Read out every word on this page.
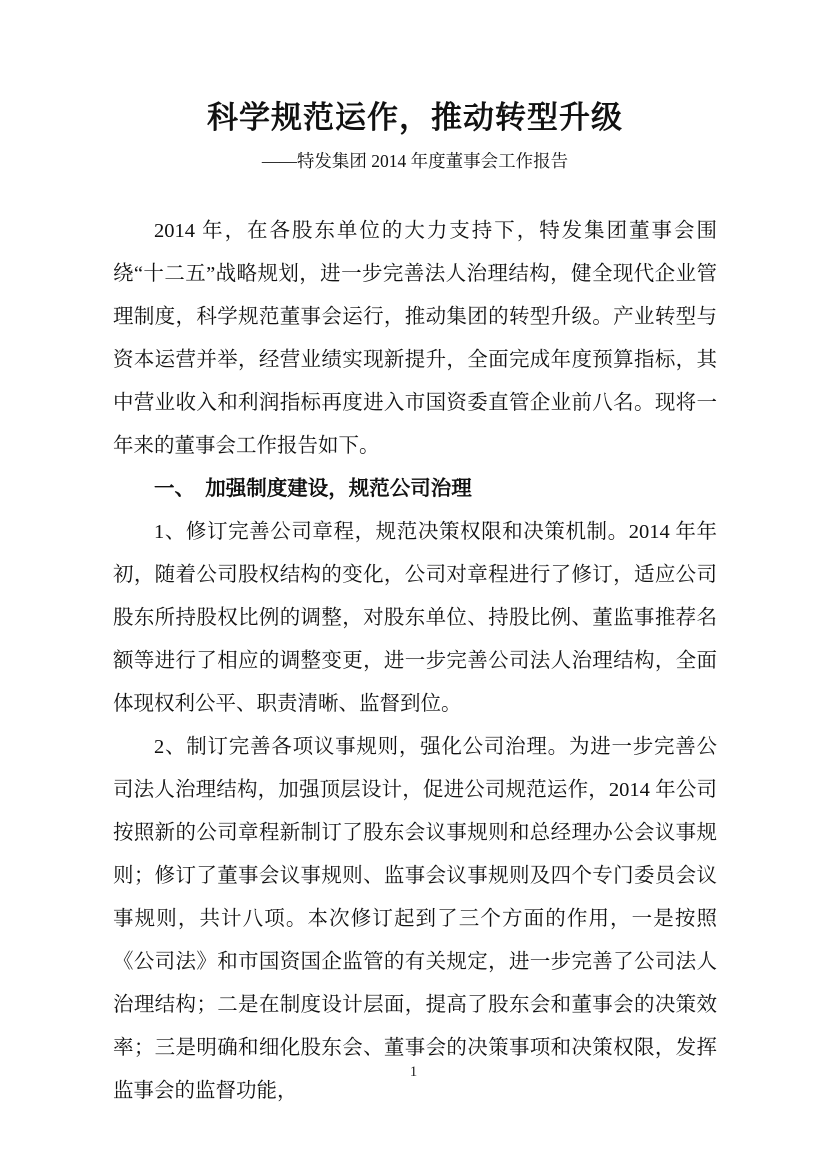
科学规范运作，推动转型升级
——特发集团 2014 年度董事会工作报告

2014 年，在各股东单位的大力支持下，特发集团董事会围绕“十二五”战略规划，进一步完善法人治理结构，健全现代企业管理制度，科学规范董事会运行，推动集团的转型升级。产业转型与资本运营并举，经营业绩实现新提升，全面完成年度预算指标，其中营业收入和利润指标再度进入市国资委直管企业前八名。现将一年来的董事会工作报告如下。

一、　加强制度建设，规范公司治理

1、修订完善公司章程，规范决策权限和决策机制。2014 年年初，随着公司股权结构的变化，公司对章程进行了修订，适应公司股东所持股权比例的调整，对股东单位、持股比例、董监事推荐名额等进行了相应的调整变更，进一步完善公司法人治理结构，全面体现权利公平、职责清晰、监督到位。

2、制订完善各项议事规则，强化公司治理。为进一步完善公司法人治理结构，加强顶层设计，促进公司规范运作，2014 年公司按照新的公司章程新制订了股东会议事规则和总经理办公会议事规则；修订了董事会议事规则、监事会议事规则及四个专门委员会议事规则，共计八项。本次修订起到了三个方面的作用，一是按照《公司法》和市国资国企监管的有关规定，进一步完善了公司法人治理结构；二是在制度设计层面，提高了股东会和董事会的决策效率；三是明确和细化股东会、董事会的决策事项和决策权限，发挥监事会的监督功能，

1
